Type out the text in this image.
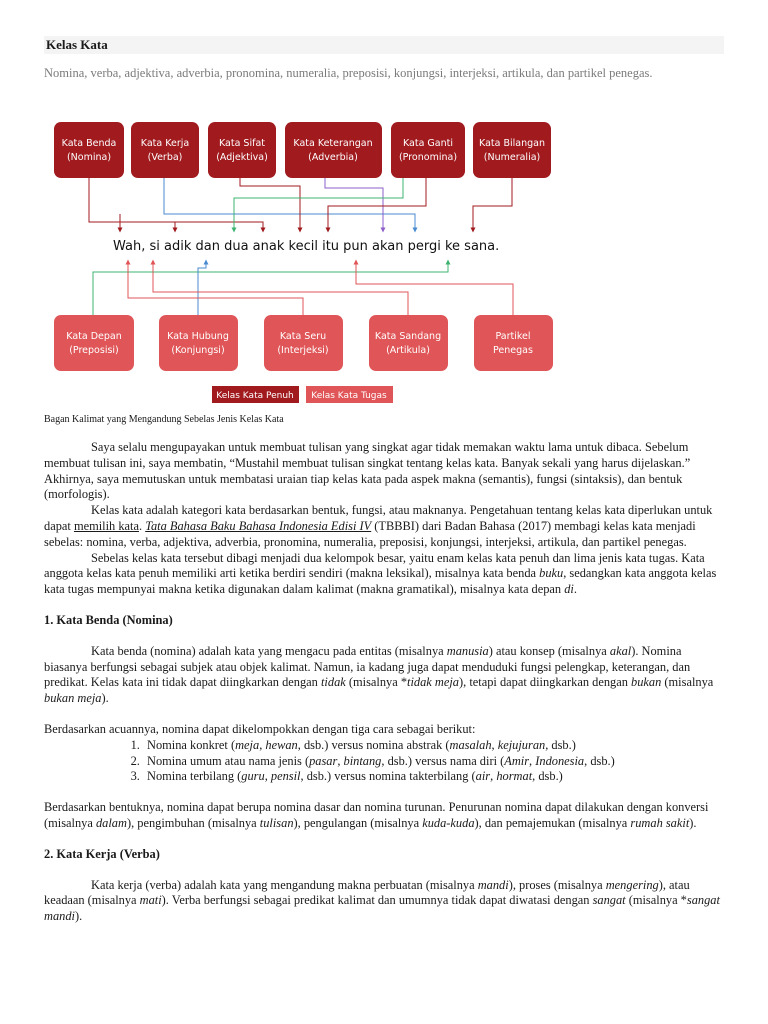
Kelas Kata
Nomina, verba, adjektiva, adverbia, pronomina, numeralia, preposisi, konjungsi, interjeksi, artikula, dan partikel penegas.
Kata Benda
(Nomina)
Kata Kerja
(Verba)
Kata Sifat
(Adjektiva)
Kata Keterangan
(Adverbia)
Kata Ganti
(Pronomina)
Kata Bilangan
(Numeralia)
Wah, si adik dan dua anak kecil itu pun akan pergi ke sana.
Kata Depan
(Preposisi)
Kata Hubung
(Konjungsi)
Kata Seru
(Interjeksi)
Kata Sandang
(Artikula)
Partikel
Penegas
Kelas Kata Penuh Kelas Kata Tugas
Bagan Kalimat yang Mengandung Sebelas Jenis Kelas Kata

Saya selalu mengupayakan untuk membuat tulisan yang singkat agar tidak memakan waktu lama untuk dibaca. Sebelum membuat tulisan ini, saya membatin, “Mustahil membuat tulisan singkat tentang kelas kata. Banyak sekali yang harus dijelaskan.” Akhirnya, saya memutuskan untuk membatasi uraian tiap kelas kata pada aspek makna (semantis), fungsi (sintaksis), dan bentuk (morfologis).

Kelas kata adalah kategori kata berdasarkan bentuk, fungsi, atau maknanya. Pengetahuan tentang kelas kata diperlukan untuk dapat memilih kata. Tata Bahasa Baku Bahasa Indonesia Edisi IV (TBBBI) dari Badan Bahasa (2017) membagi kelas kata menjadi sebelas: nomina, verba, adjektiva, adverbia, pronomina, numeralia, preposisi, konjungsi, interjeksi, artikula, dan partikel penegas.

Sebelas kelas kata tersebut dibagi menjadi dua kelompok besar, yaitu enam kelas kata penuh dan lima jenis kata tugas. Kata anggota kelas kata penuh memiliki arti ketika berdiri sendiri (makna leksikal), misalnya kata benda buku, sedangkan kata anggota kelas kata tugas mempunyai makna ketika digunakan dalam kalimat (makna gramatikal), misalnya kata depan di.

1. Kata Benda (Nomina)

Kata benda (nomina) adalah kata yang mengacu pada entitas (misalnya manusia) atau konsep (misalnya akal). Nomina biasanya berfungsi sebagai subjek atau objek kalimat. Namun, ia kadang juga dapat menduduki fungsi pelengkap, keterangan, dan predikat. Kelas kata ini tidak dapat diingkarkan dengan tidak (misalnya *tidak meja), tetapi dapat diingkarkan dengan bukan (misalnya bukan meja).

Berdasarkan acuannya, nomina dapat dikelompokkan dengan tiga cara sebagai berikut:

1. Nomina konkret (meja, hewan, dsb.) versus nomina abstrak (masalah, kejujuran, dsb.)
2. Nomina umum atau nama jenis (pasar, bintang, dsb.) versus nama diri (Amir, Indonesia, dsb.)
3. Nomina terbilang (guru, pensil, dsb.) versus nomina takterbilang (air, hormat, dsb.)

Berdasarkan bentuknya, nomina dapat berupa nomina dasar dan nomina turunan. Penurunan nomina dapat dilakukan dengan konversi (misalnya dalam), pengimbuhan (misalnya tulisan), pengulangan (misalnya kuda-kuda), dan pemajemukan (misalnya rumah sakit).

2. Kata Kerja (Verba)

Kata kerja (verba) adalah kata yang mengandung makna perbuatan (misalnya mandi), proses (misalnya mengering), atau keadaan (misalnya mati). Verba berfungsi sebagai predikat kalimat dan umumnya tidak dapat diwatasi dengan sangat (misalnya *sangat mandi).
